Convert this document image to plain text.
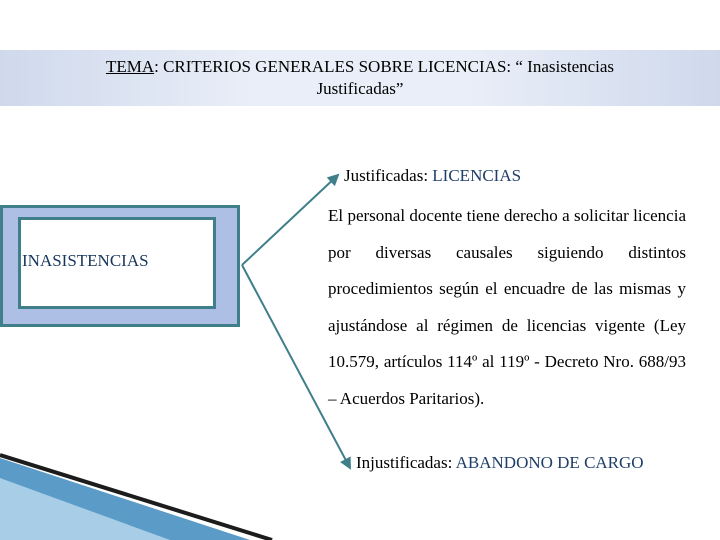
TEMA: CRITERIOS GENERALES SOBRE LICENCIAS: “ Inasistencias
Justificadas”
INASISTENCIAS
Justificadas: LICENCIAS
El personal docente tiene derecho a solicitar licencia por diversas causales siguiendo distintos procedimientos según el encuadre de las mismas y ajustándose al régimen de licencias vigente (Ley 10.579, artículos 114º al 119º - Decreto Nro. 688/93 – Acuerdos Paritarios).
Injustificadas: ABANDONO DE CARGO
